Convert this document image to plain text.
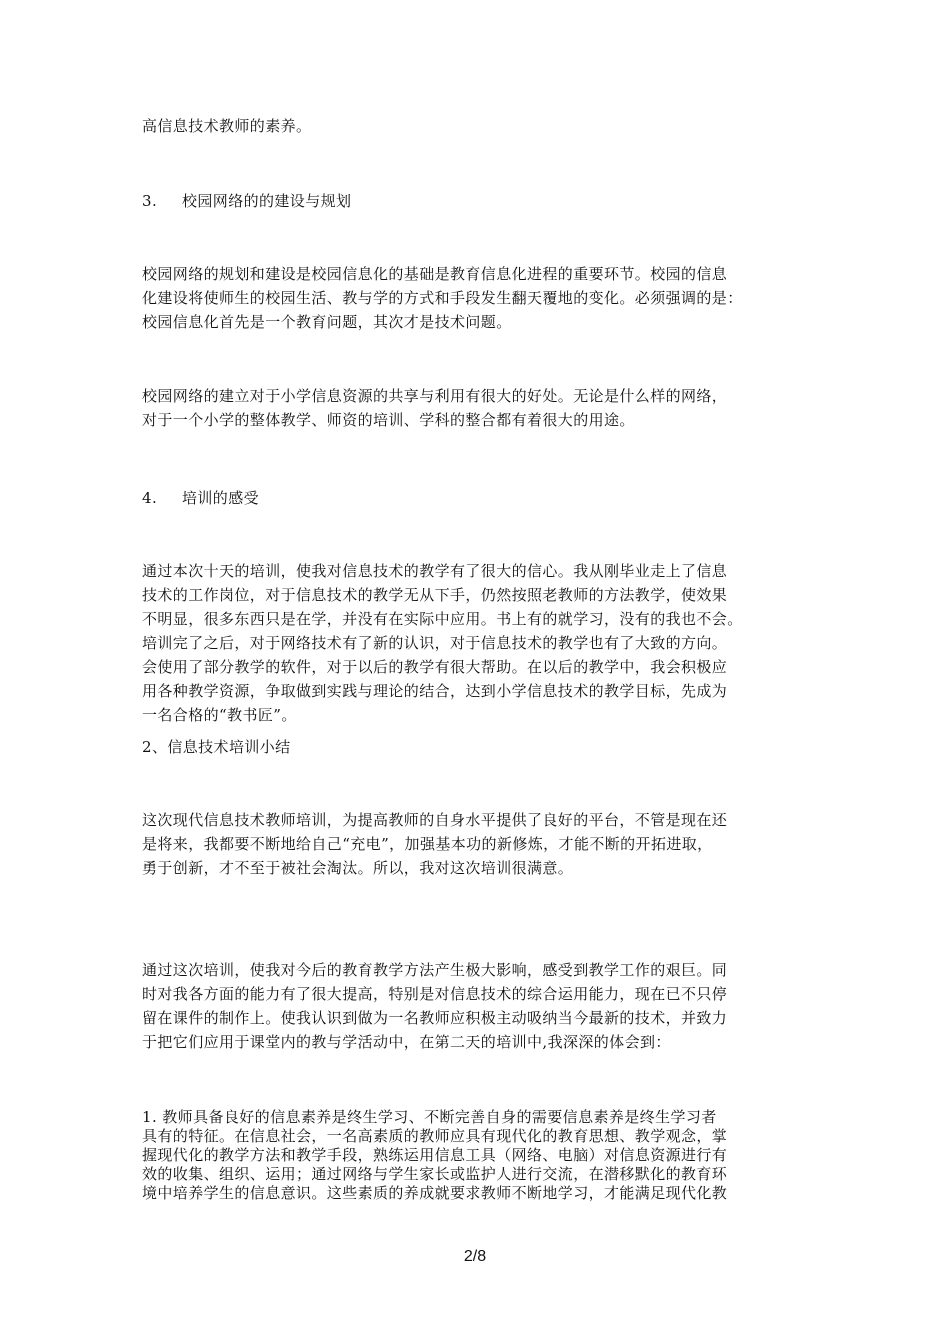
高信息技术教师的素养。
3. 校园网络的的建设与规划
校园网络的规划和建设是校园信息化的基础是教育信息化进程的重要环节。校园的信息
化建设将使师生的校园生活、教与学的方式和手段发生翻天覆地的变化。必须强调的是：
校园信息化首先是一个教育问题，其次才是技术问题。
校园网络的建立对于小学信息资源的共享与利用有很大的好处。无论是什么样的网络，
对于一个小学的整体教学、师资的培训、学科的整合都有着很大的用途。
4. 培训的感受
通过本次十天的培训，使我对信息技术的教学有了很大的信心。我从刚毕业走上了信息
技术的工作岗位，对于信息技术的教学无从下手，仍然按照老教师的方法教学，使效果
不明显，很多东西只是在学，并没有在实际中应用。书上有的就学习，没有的我也不会。
培训完了之后，对于网络技术有了新的认识，对于信息技术的教学也有了大致的方向。
会使用了部分教学的软件，对于以后的教学有很大帮助。在以后的教学中，我会积极应
用各种教学资源，争取做到实践与理论的结合，达到小学信息技术的教学目标，先成为
一名合格的“教书匠”。
2、信息技术培训小结
这次现代信息技术教师培训，为提高教师的自身水平提供了良好的平台，不管是现在还
是将来，我都要不断地给自己“充电”，加强基本功的新修炼，才能不断的开拓进取，
勇于创新，才不至于被社会淘汰。所以，我对这次培训很满意。
通过这次培训，使我对今后的教育教学方法产生极大影响，感受到教学工作的艰巨。同
时对我各方面的能力有了很大提高，特别是对信息技术的综合运用能力，现在已不只停
留在课件的制作上。使我认识到做为一名教师应积极主动吸纳当今最新的技术，并致力
于把它们应用于课堂内的教与学活动中，在第二天的培训中,我深深的体会到：
1. 教师具备良好的信息素养是终生学习、不断完善自身的需要信息素养是终生学习者
具有的特征。在信息社会，一名高素质的教师应具有现代化的教育思想、教学观念，掌
握现代化的教学方法和教学手段，熟练运用信息工具（网络、电脑）对信息资源进行有
效的收集、组织、运用；通过网络与学生家长或监护人进行交流，在潜移默化的教育环
境中培养学生的信息意识。这些素质的养成就要求教师不断地学习，才能满足现代化教
2/8
